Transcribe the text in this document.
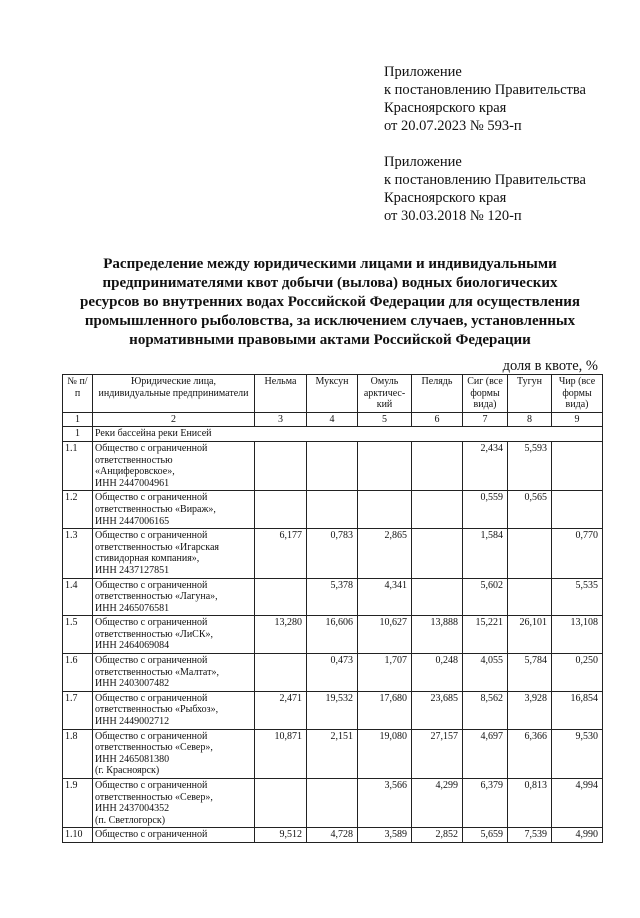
Приложение
к постановлению Правительства
Красноярского края
от 20.07.2023 № 593-п
Приложение
к постановлению Правительства
Красноярского края
от 30.03.2018 № 120-п
Распределение между юридическими лицами и индивидуальными
предпринимателями квот добычи (вылова) водных биологических
ресурсов во внутренних водах Российской Федерации для осуществления
промышленного рыболовства, за исключением случаев, установленных
нормативными правовыми актами Российской Федерации
доля в квоте, %
№ п/п	Юридические лица, индивидуальные предприниматели	Нельма	Муксун	Омуль арктичес-кий	Пелядь	Сиг (все формы вида)	Тугун	Чир (все формы вида)
1	2	3	4	5	6	7	8	9
1	Реки бассейна реки Енисей							
1.1	Общество с ограниченной
ответственностью
«Анциферовское»,
ИНН 2447004961					2,434	5,593	
1.2	Общество с ограниченной
ответственностью «Вираж»,
ИНН 2447006165					0,559	0,565	
1.3	Общество с ограниченной
ответственностью «Игарская
стивидорная компания»,
ИНН 2437127851	6,177	0,783	2,865		1,584		0,770
1.4	Общество с ограниченной
ответственностью «Лагуна»,
ИНН 2465076581		5,378	4,341		5,602		5,535
1.5	Общество с ограниченной
ответственностью «ЛиСК»,
ИНН 2464069084	13,280	16,606	10,627	13,888	15,221	26,101	13,108
1.6	Общество с ограниченной
ответственностью «Малтат»,
ИНН 2403007482		0,473	1,707	0,248	4,055	5,784	0,250
1.7	Общество с ограниченной
ответственностью «Рыбхоз»,
ИНН 2449002712	2,471	19,532	17,680	23,685	8,562	3,928	16,854
1.8	Общество с ограниченной
ответственностью «Север»,
ИНН 2465081380
(г. Красноярск)	10,871	2,151	19,080	27,157	4,697	6,366	9,530
1.9	Общество с ограниченной
ответственностью «Север»,
ИНН 2437004352
(п. Светлогорск)			3,566	4,299	6,379	0,813	4,994
1.10	Общество с ограниченной	9,512	4,728	3,589	2,852	5,659	7,539	4,990
